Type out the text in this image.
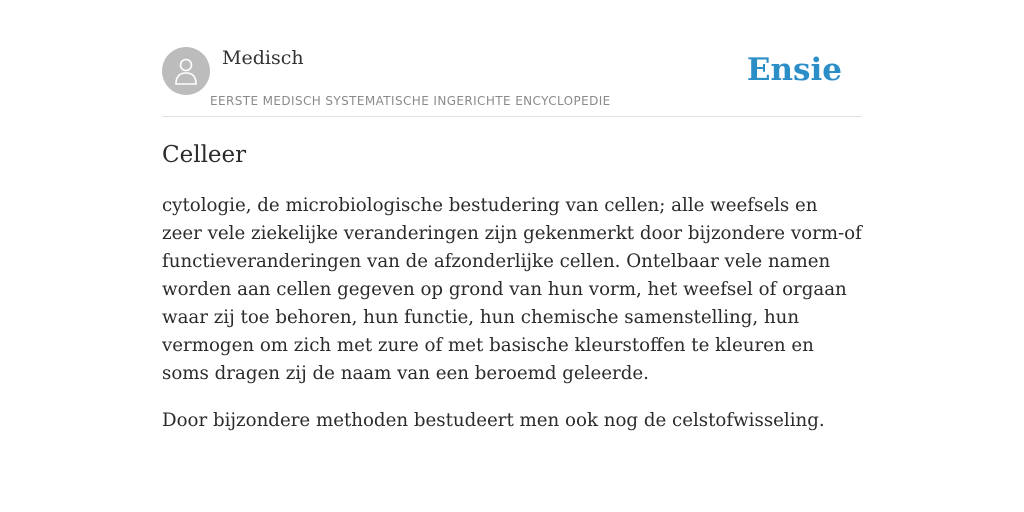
Medisch
EERSTE MEDISCH SYSTEMATISCHE INGERICHTE ENCYCLOPEDIE
Ensie
Celleer

cytologie, de microbiologische bestudering van cellen; alle weefsels en zeer vele ziekelijke veranderingen zijn gekenmerkt door bijzondere vorm-of functieveranderingen van de afzonderlijke cellen. Ontelbaar vele namen worden aan cellen gegeven op grond van hun vorm, het weefsel of orgaan waar zij toe behoren, hun functie, hun chemische samenstelling, hun vermogen om zich met zure of met basische kleurstoffen te kleuren en soms dragen zij de naam van een beroemd geleerde.

Door bijzondere methoden bestudeert men ook nog de celstofwisseling.
